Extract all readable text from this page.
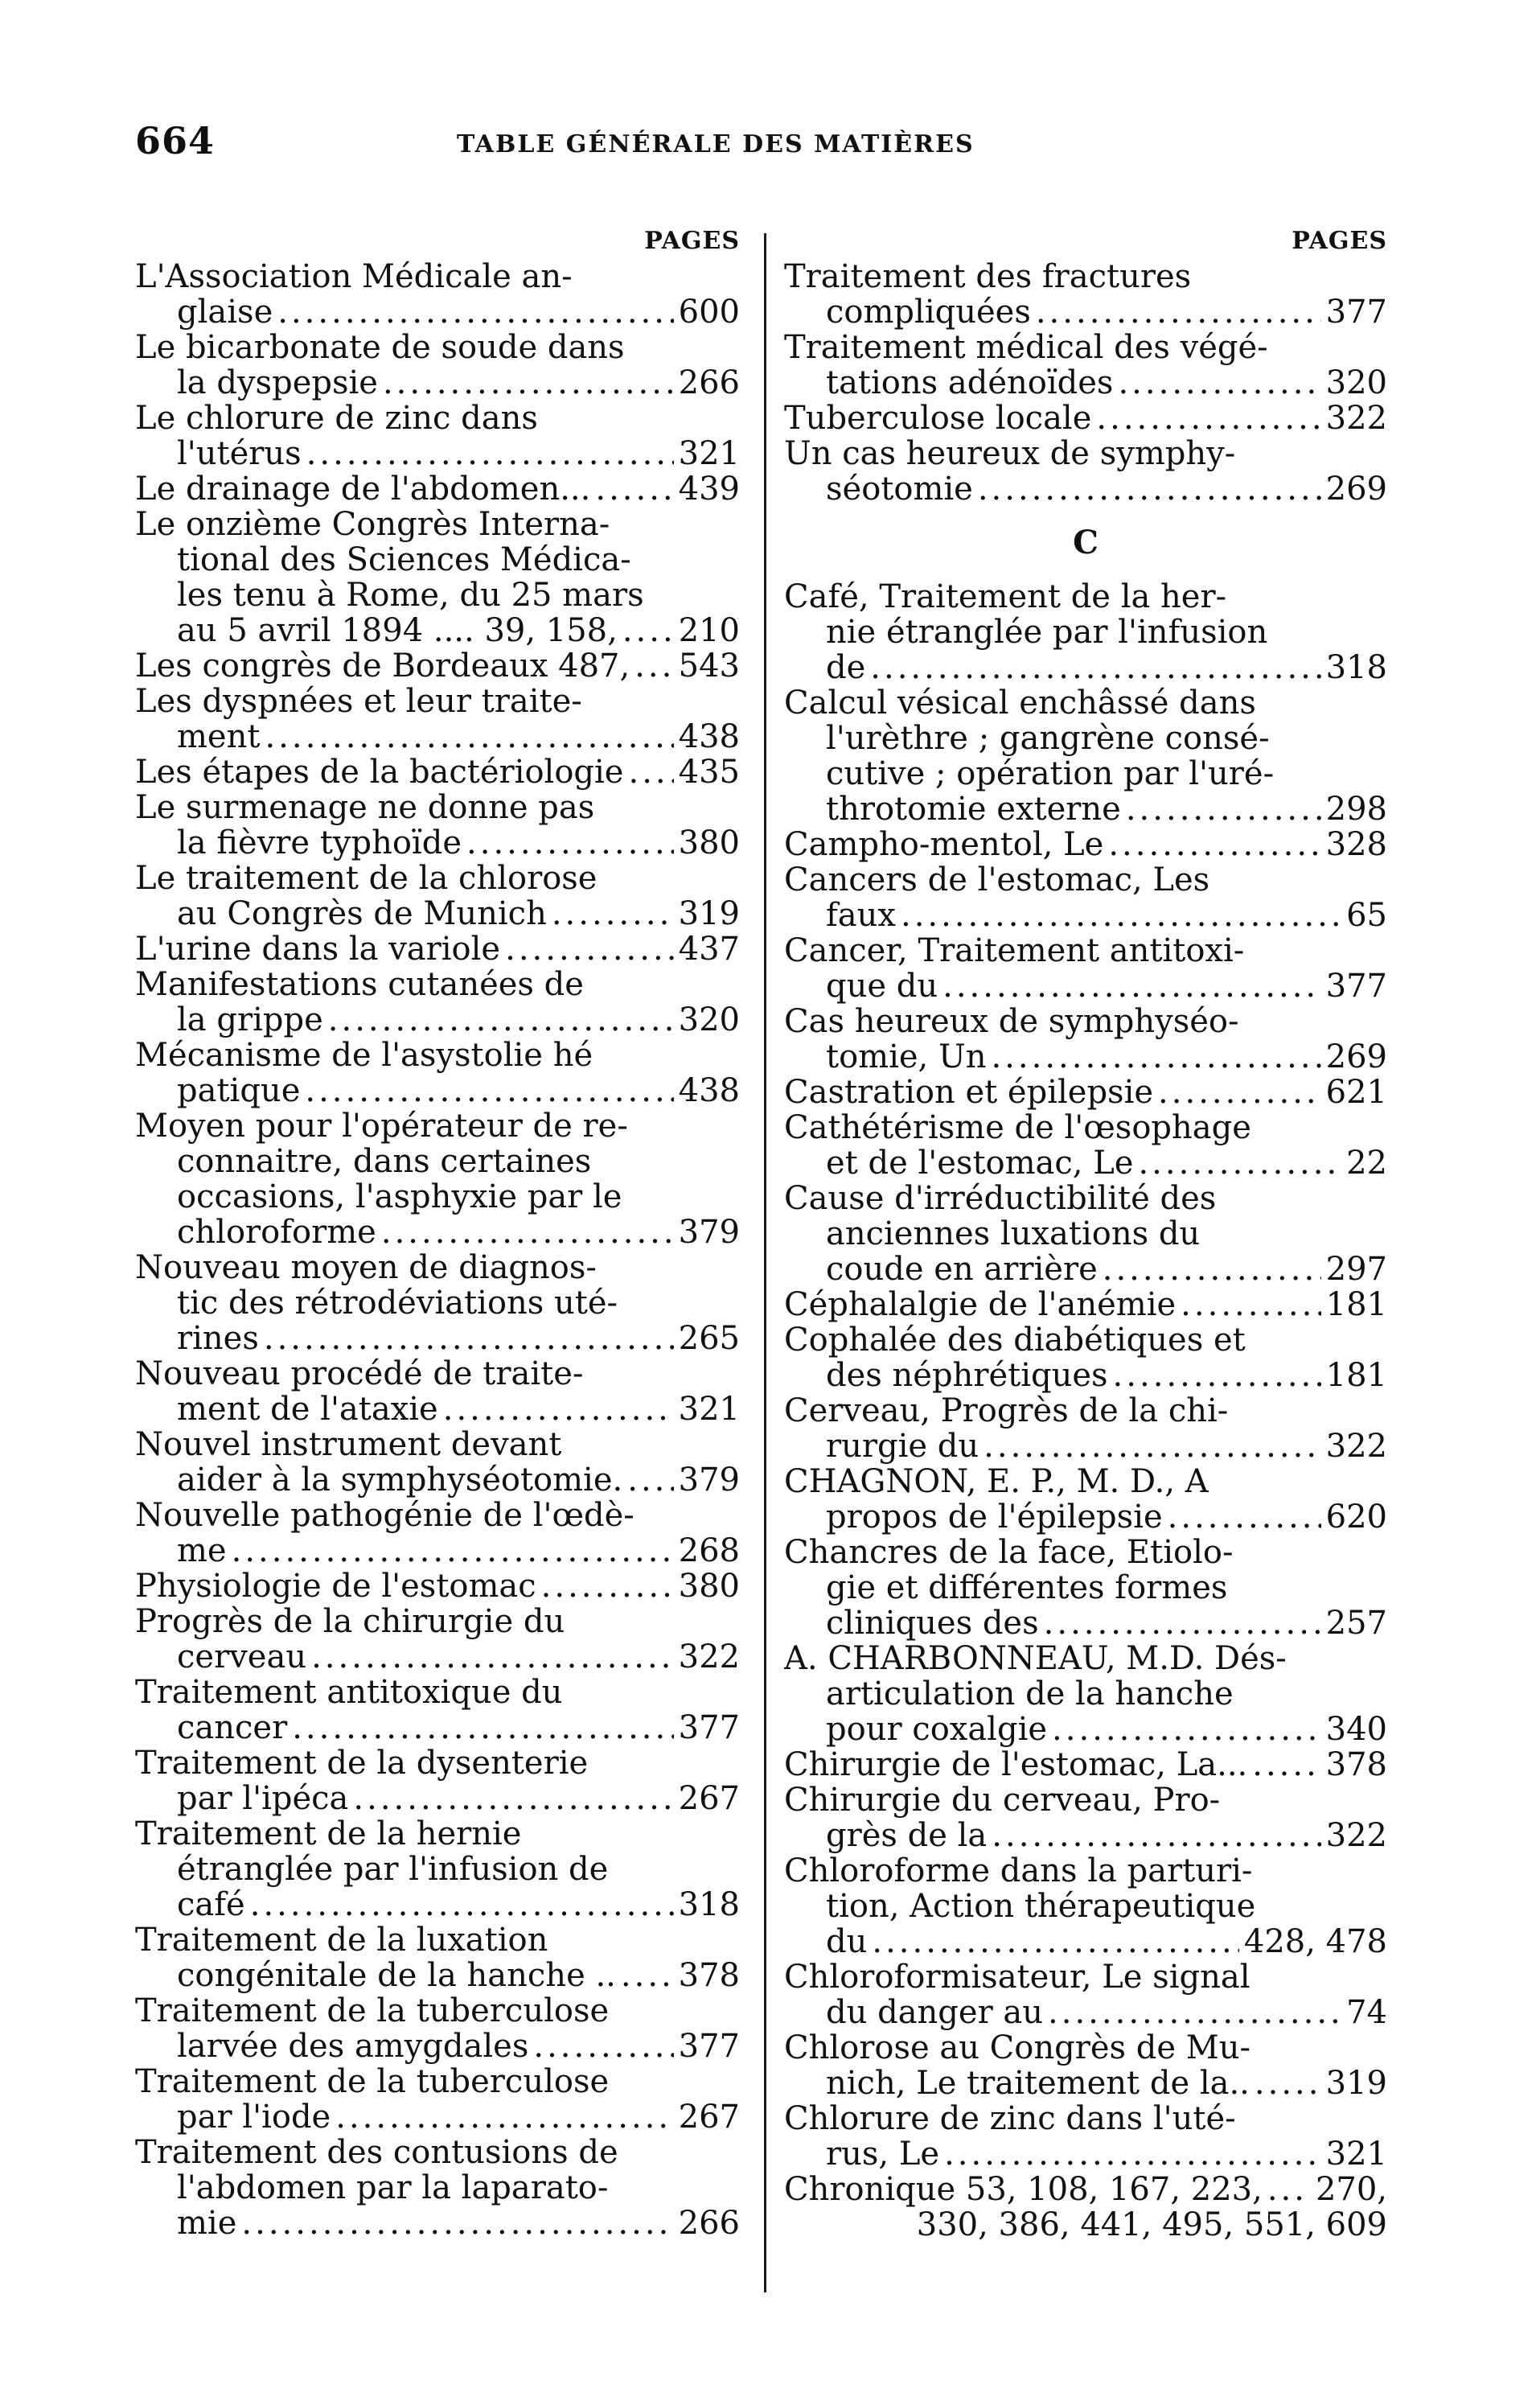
664	TABLE GÉNÉRALE DES MATIÈRES
PAGES
L'Association Médicale an-
glaise .....	600
Le bicarbonate de soude dans
la dyspepsie .....	266
Le chlorure de zinc dans
l'utérus .....	321
Le drainage de l'abdomen... .....	439
Le onzième Congrès Interna-
tional des Sciences Médica-
les tenu à Rome, du 25 mars
au 5 avril 1894 .... 39, 158, ..... 210
Les congrès de Bordeaux 487, ..... 543
Les dyspnées et leur traite-
ment .....	438
Les étapes de la bactériologie ..... 435
Le surmenage ne donne pas
la fièvre typhoïde .....	380
Le traitement de la chlorose
au Congrès de Munich .....	319
L'urine dans la variole .....	437
Manifestations cutanées de
la grippe .....	320
Mécanisme de l'asystolie hé
patique .....	438
Moyen pour l'opérateur de re-
connaitre, dans certaines
occasions, l'asphyxie par le
chloroforme .....	379
Nouveau moyen de diagnos-
tic des rétrodéviations uté-
rines .....	265
Nouveau procédé de traite-
ment de l'ataxie .....	321
Nouvel instrument devant
aider à la symphyséotomie. ..... 379
Nouvelle pathogénie de l'œdè-
me .....	268
Physiologie de l'estomac .....	380
Progrès de la chirurgie du
cerveau .....	322
Traitement antitoxique du
cancer .....	377
Traitement de la dysenterie
par l'ipéca .....	267
Traitement de la hernie
étranglée par l'infusion de
café .....	318
Traitement de la luxation
congénitale de la hanche .. ..... 378
Traitement de la tuberculose
larvée des amygdales .....	377
Traitement de la tuberculose
par l'iode .....	267
Traitement des contusions de
l'abdomen par la laparato-
mie .....	266
PAGES
Traitement des fractures
compliquées .....	377
Traitement médical des végé-
tations adénoïdes .....	320
Tuberculose locale .....	322
Un cas heureux de symphy-
séotomie .....	269
C
Café, Traitement de la her-
nie étranglée par l'infusion
de .....	318
Calcul vésical enchâssé dans
l'urèthre ; gangrène consé-
cutive ; opération par l'uré-
throtomie externe .....	298
Campho-mentol, Le .....	328
Cancers de l'estomac, Les
faux .....	65
Cancer, Traitement antitoxi-
que du .....	377
Cas heureux de symphyséo-
tomie, Un .....	269
Castration et épilepsie .....	621
Cathétérisme de l'œsophage
et de l'estomac, Le .....	22
Cause d'irréductibilité des
anciennes luxations du
coude en arrière .....	297
Céphalalgie de l'anémie .....	181
Cophalée des diabétiques et
des néphrétiques .....	181
Cerveau, Progrès de la chi-
rurgie du .....	322
CHAGNON, E. P., M. D., A
propos de l'épilepsie .....	620
Chancres de la face, Etiolo-
gie et différentes formes
cliniques des .....	257
A. CHARBONNEAU, M.D. Dés-
articulation de la hanche
pour coxalgie .....	340
Chirurgie de l'estomac, La... ..... 378
Chirurgie du cerveau, Pro-
grès de la .....	322
Chloroforme dans la parturi-
tion, Action thérapeutique
du .....	428, 478
Chloroformisateur, Le signal
du danger au .....	74
Chlorose au Congrès de Mu-
nich, Le traitement de la.. ..... 319
Chlorure de zinc dans l'uté-
rus, Le .....	321
Chronique 53, 108, 167, 223, ..... 270,
330, 386, 441, 495, 551, 609
